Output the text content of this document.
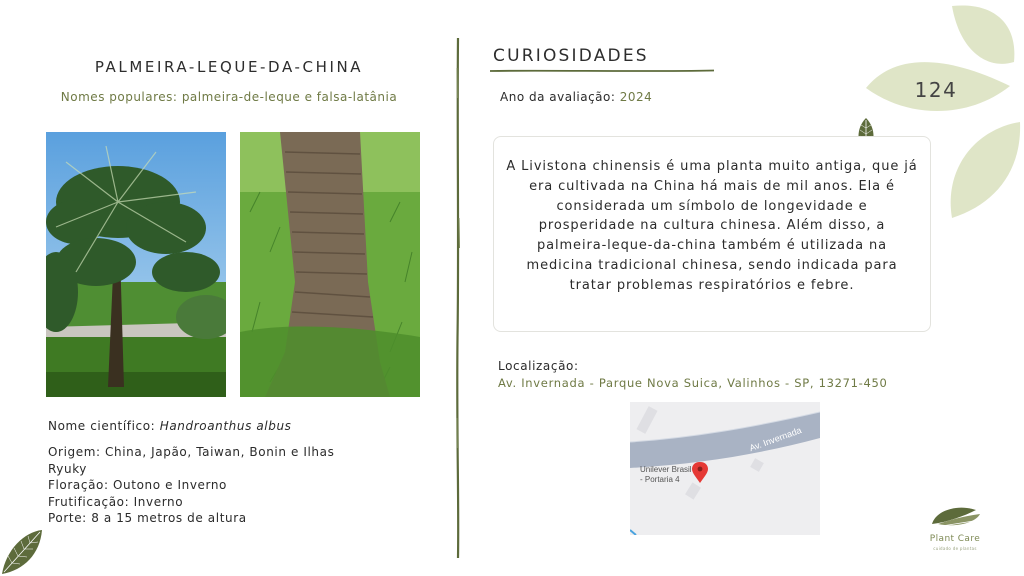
124
PALMEIRA-LEQUE-DA-CHINA
Nomes populares: palmeira-de-leque e falsa-latânia
Nome científico: Handroanthus albus
Origem: China, Japão, Taiwan, Bonin e Ilhas Ryuky
Floração: Outono e Inverno
Frutificação: Inverno
Porte: 8 a 15 metros de altura
CURIOSIDADES
Ano da avaliação: 2024

A Livistona chinensis é uma planta muito antiga, que já era cultivada na China há mais de mil anos. Ela é considerada um símbolo de longevidade e prosperidade na cultura chinesa. Além disso, a palmeira-leque-da-china também é utilizada na medicina tradicional chinesa, sendo indicada para tratar problemas respiratórios e febre.

Localização:
Av. Invernada - Parque Nova Suica, Valinhos - SP, 13271-450
Av. Invernada
Unilever Brasil
- Portaria 4
Plant Care
cuidado de plantas
